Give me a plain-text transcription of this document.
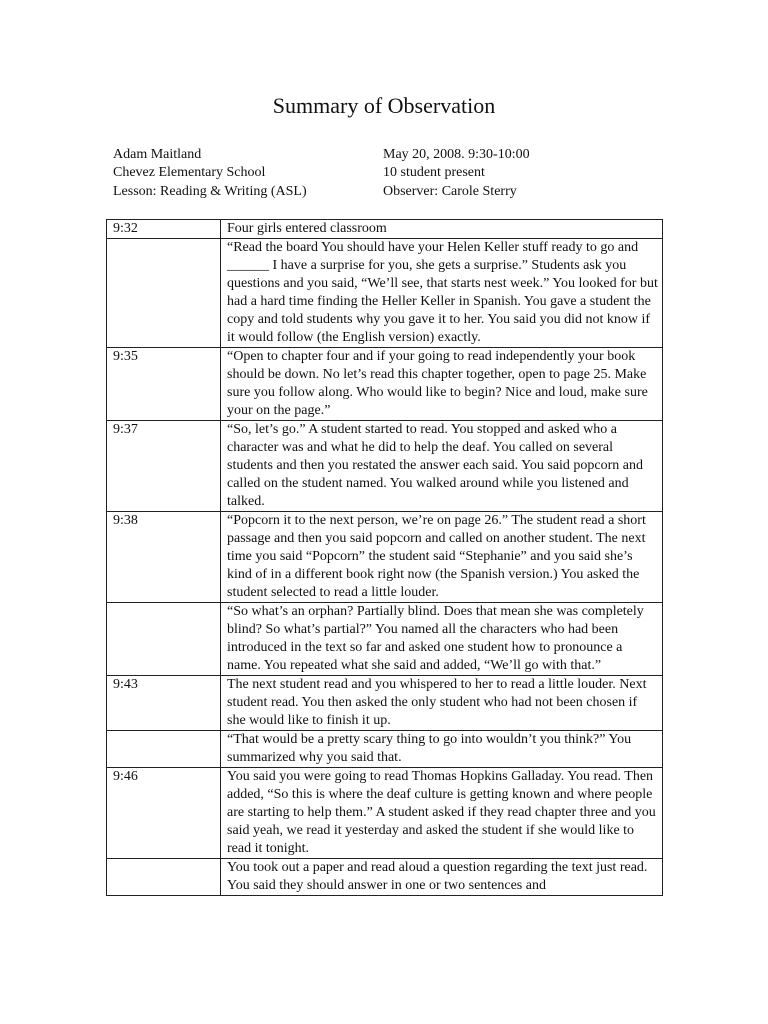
Summary of Observation
Adam Maitland	May 20, 2008. 9:30-10:00
Chevez Elementary School	10 student present
Lesson: Reading & Writing (ASL)	Observer: Carole Sterry
9:32	Four girls entered classroom
	“Read the board You should have your Helen Keller stuff ready to go and ______ I have a surprise for you, she gets a surprise.” Students ask you questions and you said, “We’ll see, that starts nest week.” You looked for but had a hard time finding the Heller Keller in Spanish. You gave a student the copy and told students why you gave it to her. You said you did not know if it would follow (the English version) exactly.
9:35	“Open to chapter four and if your going to read independently your book should be down. No let’s read this chapter together, open to page 25. Make sure you follow along. Who would like to begin? Nice and loud, make sure your on the page.”
9:37	“So, let’s go.” A student started to read. You stopped and asked who a character was and what he did to help the deaf. You called on several students and then you restated the answer each said. You said popcorn and called on the student named. You walked around while you listened and talked.
9:38	“Popcorn it to the next person, we’re on page 26.” The student read a short passage and then you said popcorn and called on another student. The next time you said “Popcorn” the student said “Stephanie” and you said she’s kind of in a different book right now (the Spanish version.) You asked the student selected to read a little louder.
	“So what’s an orphan? Partially blind. Does that mean she was completely blind? So what’s partial?” You named all the characters who had been introduced in the text so far and asked one student how to pronounce a name. You repeated what she said and added, “We’ll go with that.”
9:43	The next student read and you whispered to her to read a little louder. Next student read. You then asked the only student who had not been chosen if she would like to finish it up.
	“That would be a pretty scary thing to go into wouldn’t you think?” You summarized why you said that.
9:46	You said you were going to read Thomas Hopkins Galladay. You read. Then added, “So this is where the deaf culture is getting known and where people are starting to help them.” A student asked if they read chapter three and you said yeah, we read it yesterday and asked the student if she would like to read it tonight.

	You took out a paper and read aloud a question regarding the text just read. You said they should answer in one or two sentences and
